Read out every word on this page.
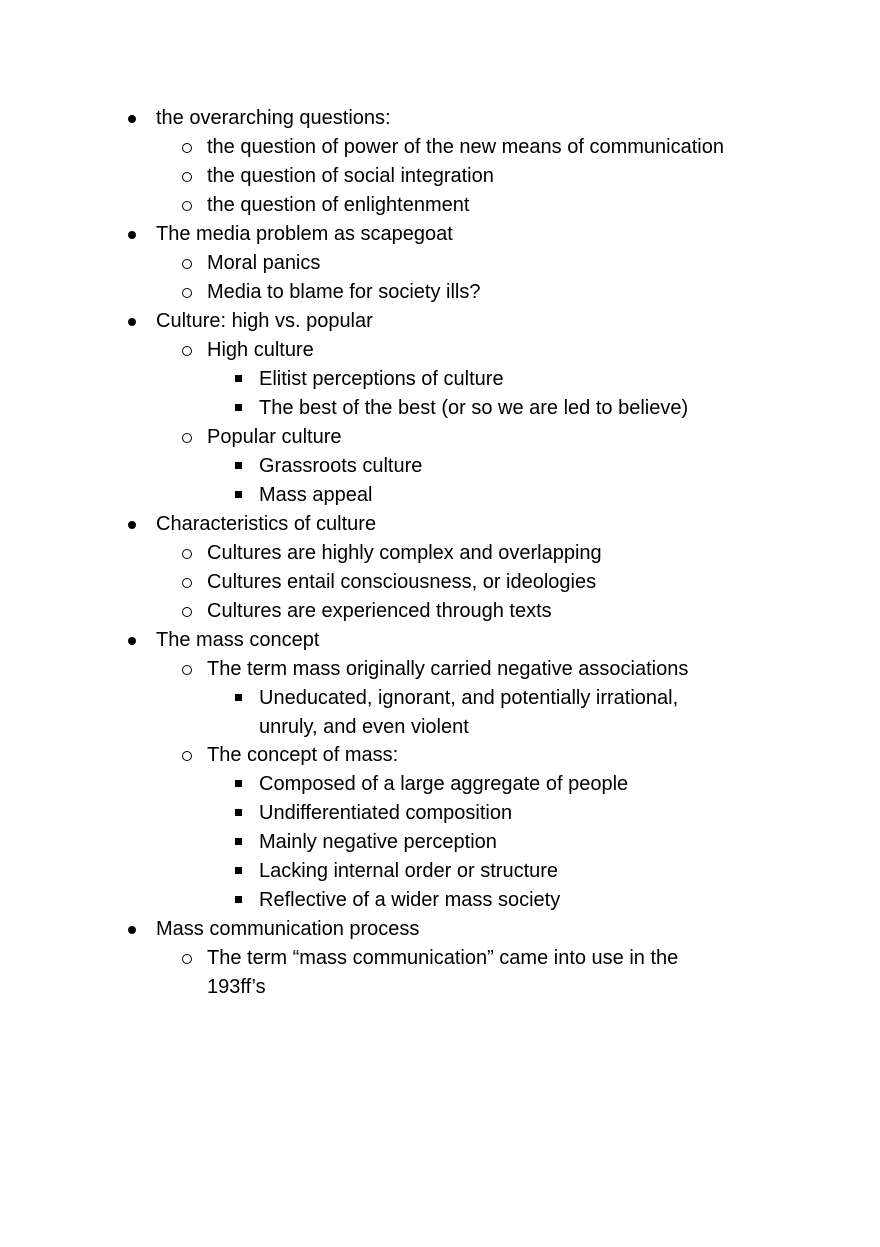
the overarching questions:
the question of power of the new means of communication
the question of social integration
the question of enlightenment
The media problem as scapegoat
Moral panics
Media to blame for society ills?
Culture: high vs. popular
High culture
Elitist perceptions of culture
The best of the best (or so we are led to believe)
Popular culture
Grassroots culture
Mass appeal
Characteristics of culture
Cultures are highly complex and overlapping
Cultures entail consciousness, or ideologies
Cultures are experienced through texts
The mass concept
The term mass originally carried negative associations
Uneducated, ignorant, and potentially irrational,
unruly, and even violent
The concept of mass:
Composed of a large aggregate of people
Undifferentiated composition
Mainly negative perception
Lacking internal order or structure
Reflective of a wider mass society
Mass communication process
The term “mass communication” came into use in the
193ff’s
